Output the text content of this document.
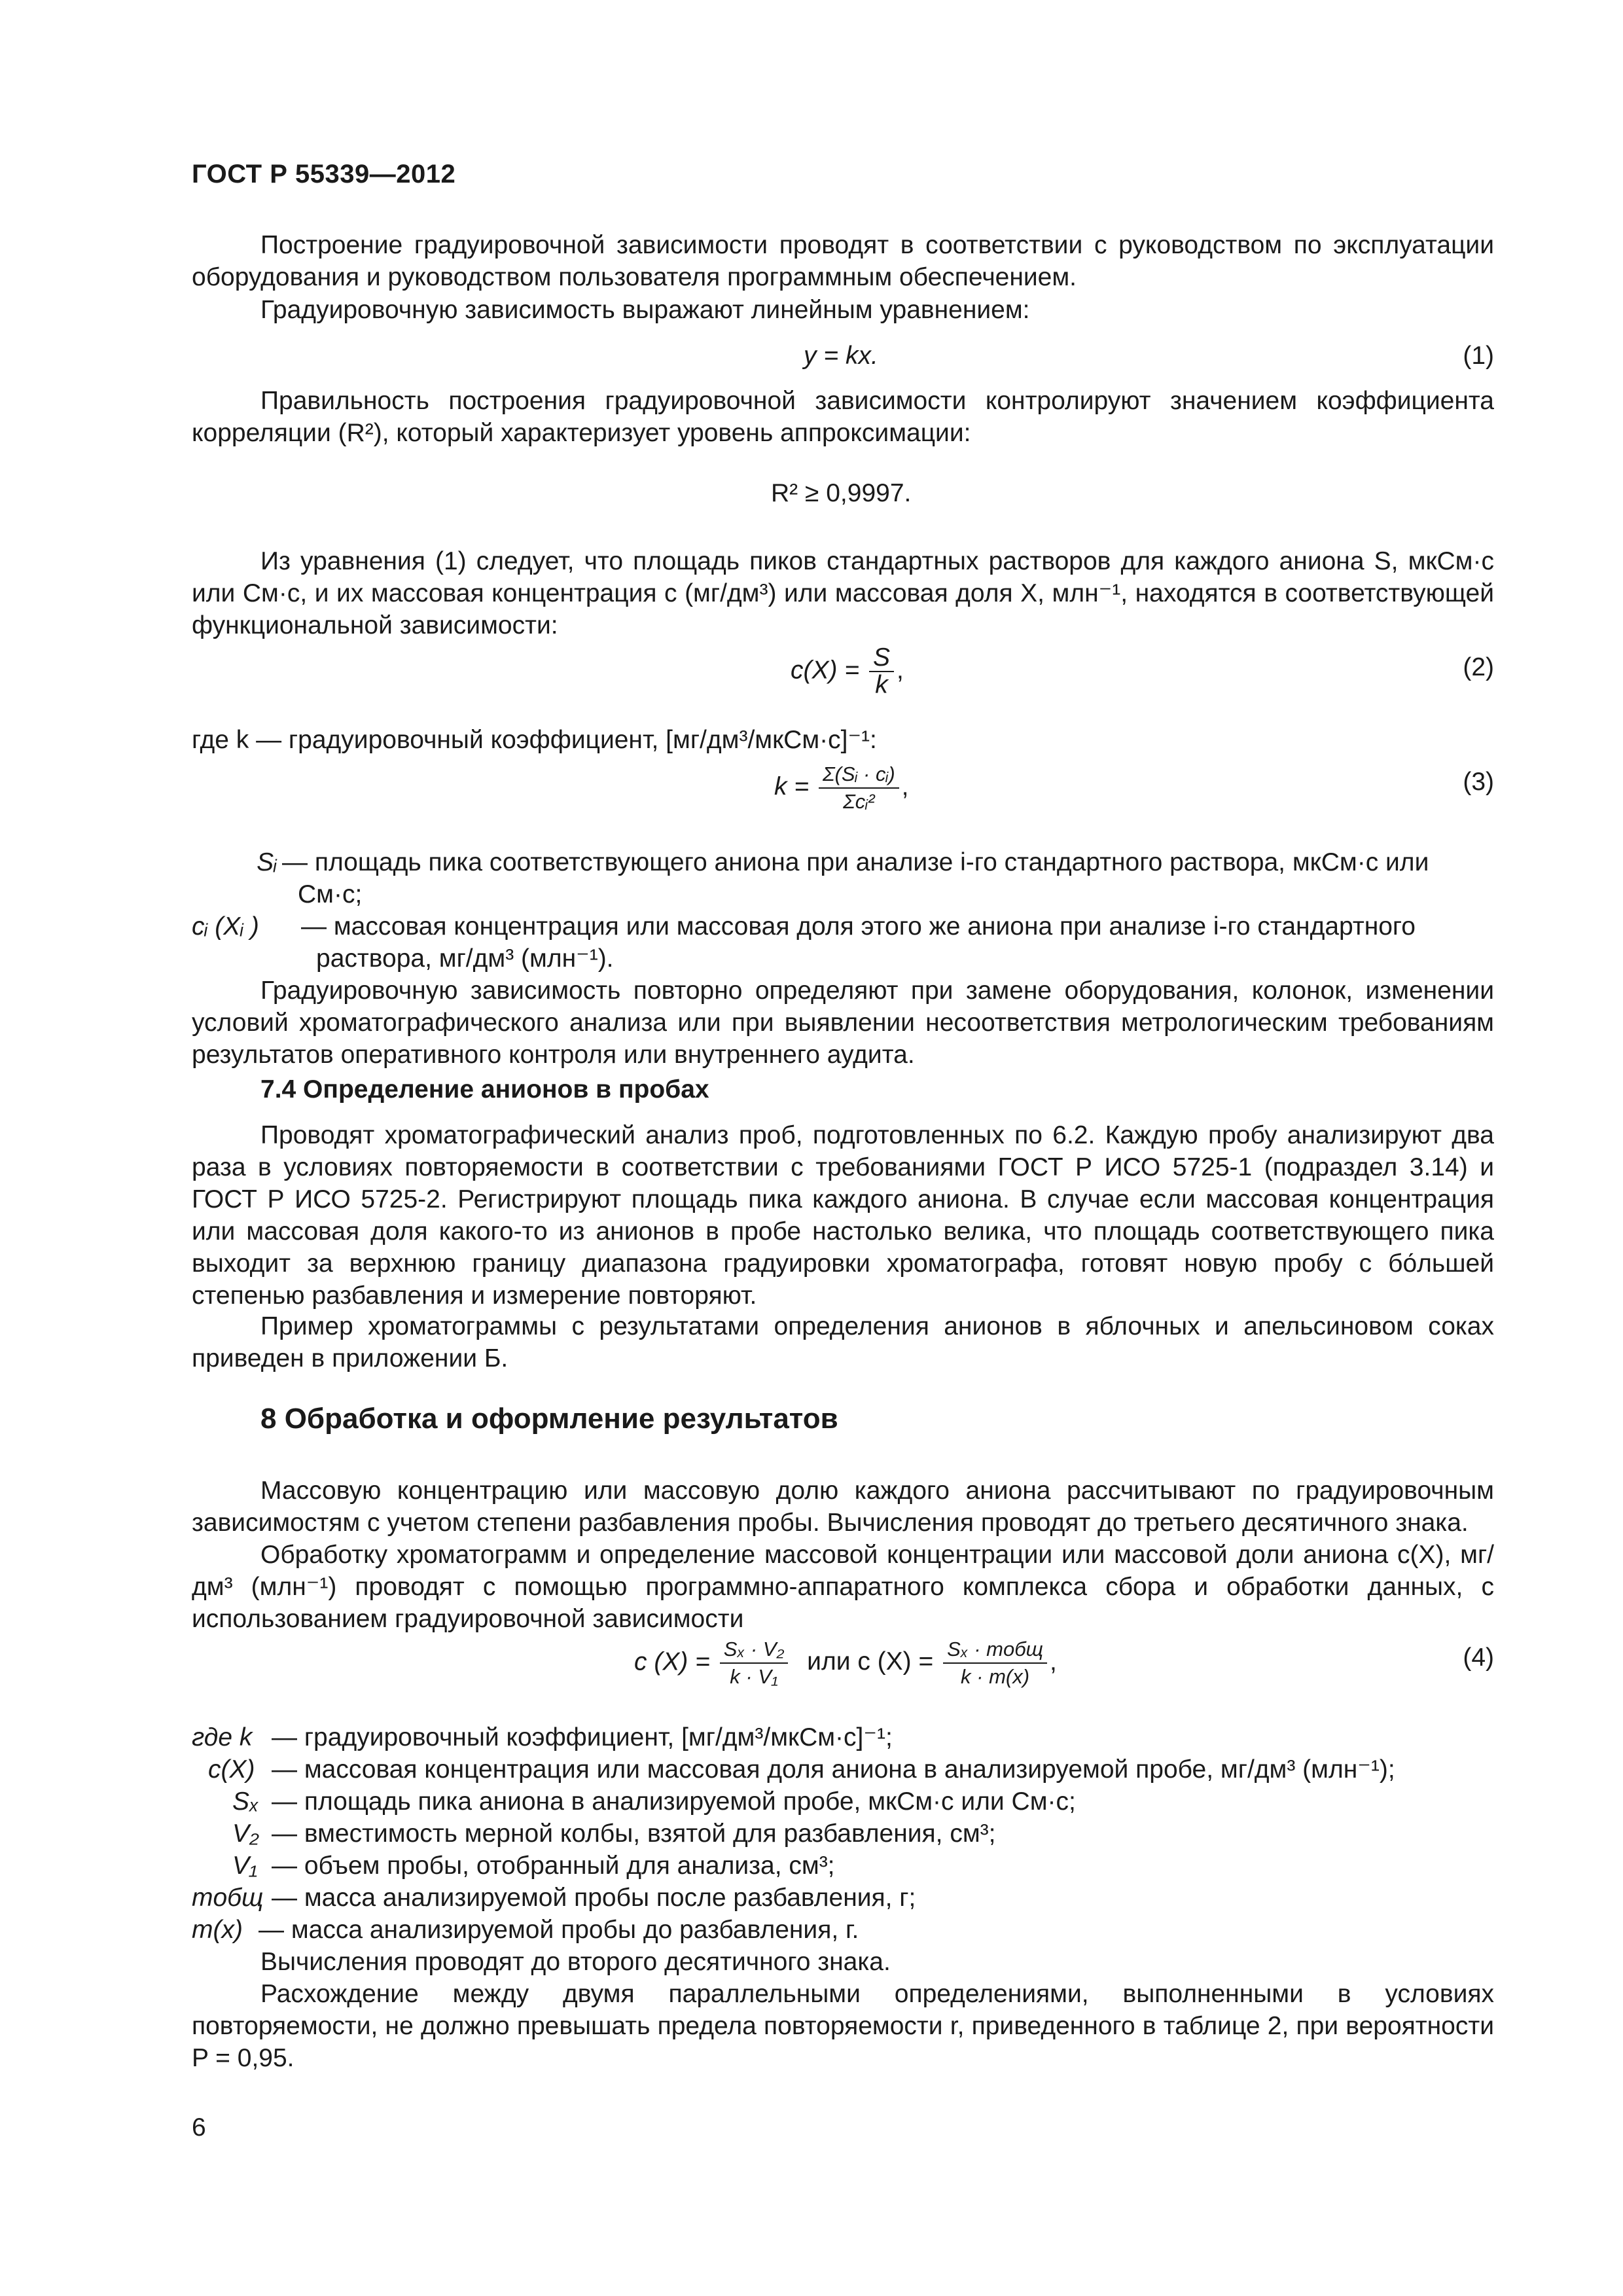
ГОСТ Р 55339—2012
Построение градуировочной зависимости проводят в соответствии с руководством по эксплуатации оборудования и руководством пользователя программным обеспечением.
Градуировочную зависимость выражают линейным уравнением:
y = kx.	(1)
Правильность построения градуировочной зависимости контролируют значением коэффициента корреляции (R²), который характеризует уровень аппроксимации:
R² ≥ 0,9997.
Из уравнения (1) следует, что площадь пиков стандартных растворов для каждого аниона S, мкСм·с или См·с, и их массовая концентрация c (мг/дм³) или массовая доля X, млн⁻¹, находятся в соответствующей функциональной зависимости:
$c(X) = \frac{S}{k}$ ,	(2)
где k — градуировочный коэффициент, [мг/дм³/мкСм·с]⁻¹:
$k = \frac{\text{Σ(Sᵢ · cᵢ)}}{\text{Σcᵢ²}}$ ,	(3)
Sᵢ — площадь пика соответствующего аниона при анализе i-го стандартного раствора, мкСм·с или
См·с;
cᵢ (Xᵢ ) — массовая концентрация или массовая доля этого же аниона при анализе i-го стандартного
раствора, мг/дм³ (млн⁻¹).
Градуировочную зависимость повторно определяют при замене оборудования, колонок, изменении условий хроматографического анализа или при выявлении несоответствия метрологическим требованиям результатов оперативного контроля или внутреннего аудита.
7.4 Определение анионов в пробах
Проводят хроматографический анализ проб, подготовленных по 6.2. Каждую пробу анализируют два раза в условиях повторяемости в соответствии с требованиями ГОСТ Р ИСО 5725-1 (подраздел 3.14) и ГОСТ Р ИСО 5725-2. Регистрируют площадь пика каждого аниона. В случае если массовая концентрация или массовая доля какого-то из анионов в пробе настолько велика, что площадь соответствующего пика выходит за верхнюю границу диапазона градуировки хроматографа, готовят новую пробу с бо́льшей степенью разбавления и измерение повторяют.
Пример хроматограммы с результатами определения анионов в яблочных и апельсиновом соках приведен в приложении Б.
8 Обработка и оформление результатов
Массовую концентрацию или массовую долю каждого аниона рассчитывают по градуировочным зависимостям с учетом степени разбавления пробы. Вычисления проводят до третьего десятичного знака.
Обработку хроматограмм и определение массовой концентрации или массовой доли аниона c(X), мг/дм³ (млн⁻¹) проводят с помощью программно-аппаратного комплекса сбора и обработки данных, с использованием градуировочной зависимости
c $(X) = \frac{\text{Sₓ · V₂}}{\text{k · V₁}}$ или c $(X) = \frac{\text{Sₓ · mобщ}}{k \cdot m(x)}$ ,	(4)
где k — градуировочный коэффициент, [мг/дм³/мкСм·с]⁻¹;
c(X) — массовая концентрация или массовая доля аниона в анализируемой пробе, мг/дм³ (млн⁻¹);
Sₓ — площадь пика аниона в анализируемой пробе, мкСм·с или См·с;
V₂ — вместимость мерной колбы, взятой для разбавления, см³;
V₁ — объем пробы, отобранный для анализа, см³;
mобщ — масса анализируемой пробы после разбавления, г;
m(x) — масса анализируемой пробы до разбавления, г.
Вычисления проводят до второго десятичного знака.
Расхождение между двумя параллельными определениями, выполненными в условиях повторяемости, не должно превышать предела повторяемости r, приведенного в таблице 2, при вероятности P = 0,95.
6
